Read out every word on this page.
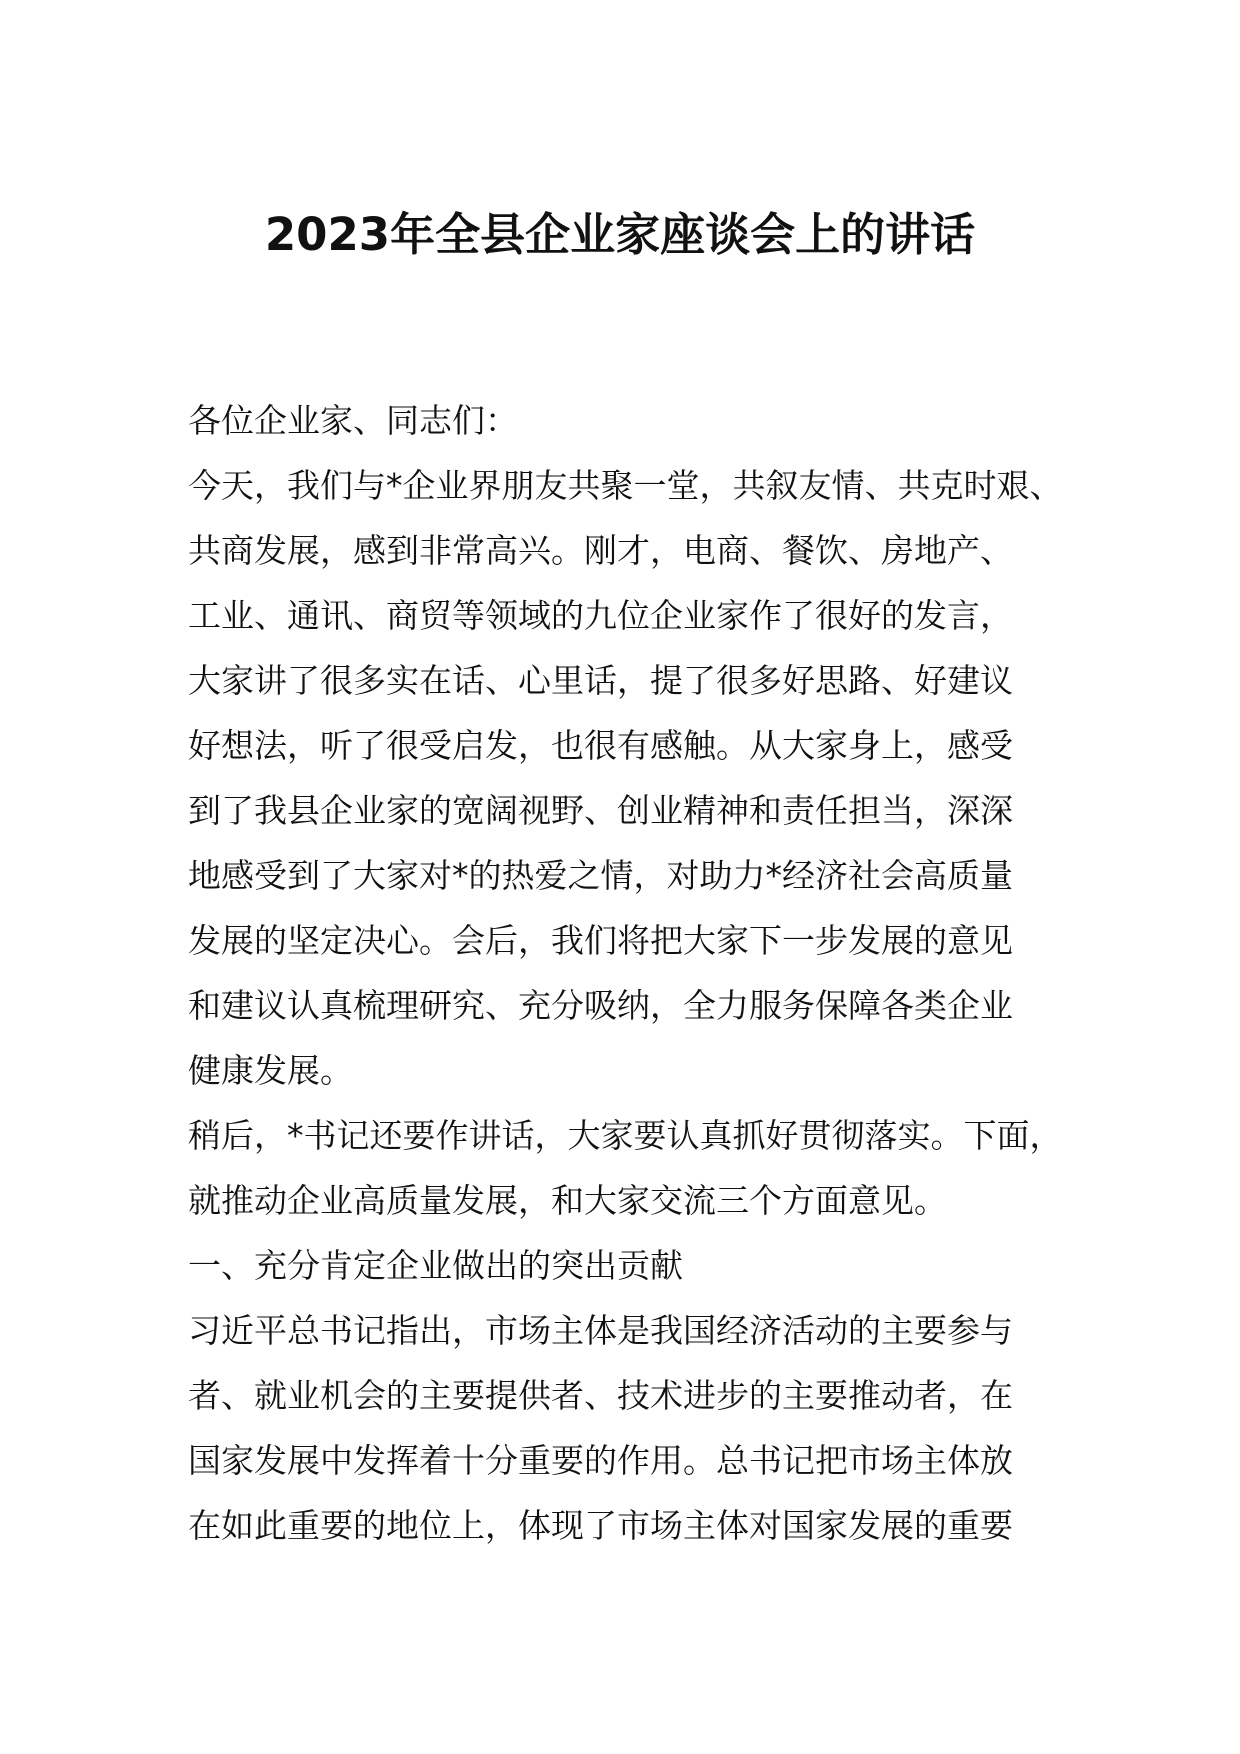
2023年全县企业家座谈会上的讲话
各位企业家、同志们：
今天，我们与*企业界朋友共聚一堂，共叙友情、共克时艰、
共商发展，感到非常高兴。刚才，电商、餐饮、房地产、
工业、通讯、商贸等领域的九位企业家作了很好的发言，
大家讲了很多实在话、心里话，提了很多好思路、好建议
好想法，听了很受启发，也很有感触。从大家身上，感受
到了我县企业家的宽阔视野、创业精神和责任担当，深深
地感受到了大家对*的热爱之情，对助力*经济社会高质量
发展的坚定决心。会后，我们将把大家下一步发展的意见
和建议认真梳理研究、充分吸纳，全力服务保障各类企业
健康发展。
稍后，*书记还要作讲话，大家要认真抓好贯彻落实。下面，
就推动企业高质量发展，和大家交流三个方面意见。
一、充分肯定企业做出的突出贡献
习近平总书记指出，市场主体是我国经济活动的主要参与
者、就业机会的主要提供者、技术进步的主要推动者，在
国家发展中发挥着十分重要的作用。总书记把市场主体放
在如此重要的地位上，体现了市场主体对国家发展的重要
